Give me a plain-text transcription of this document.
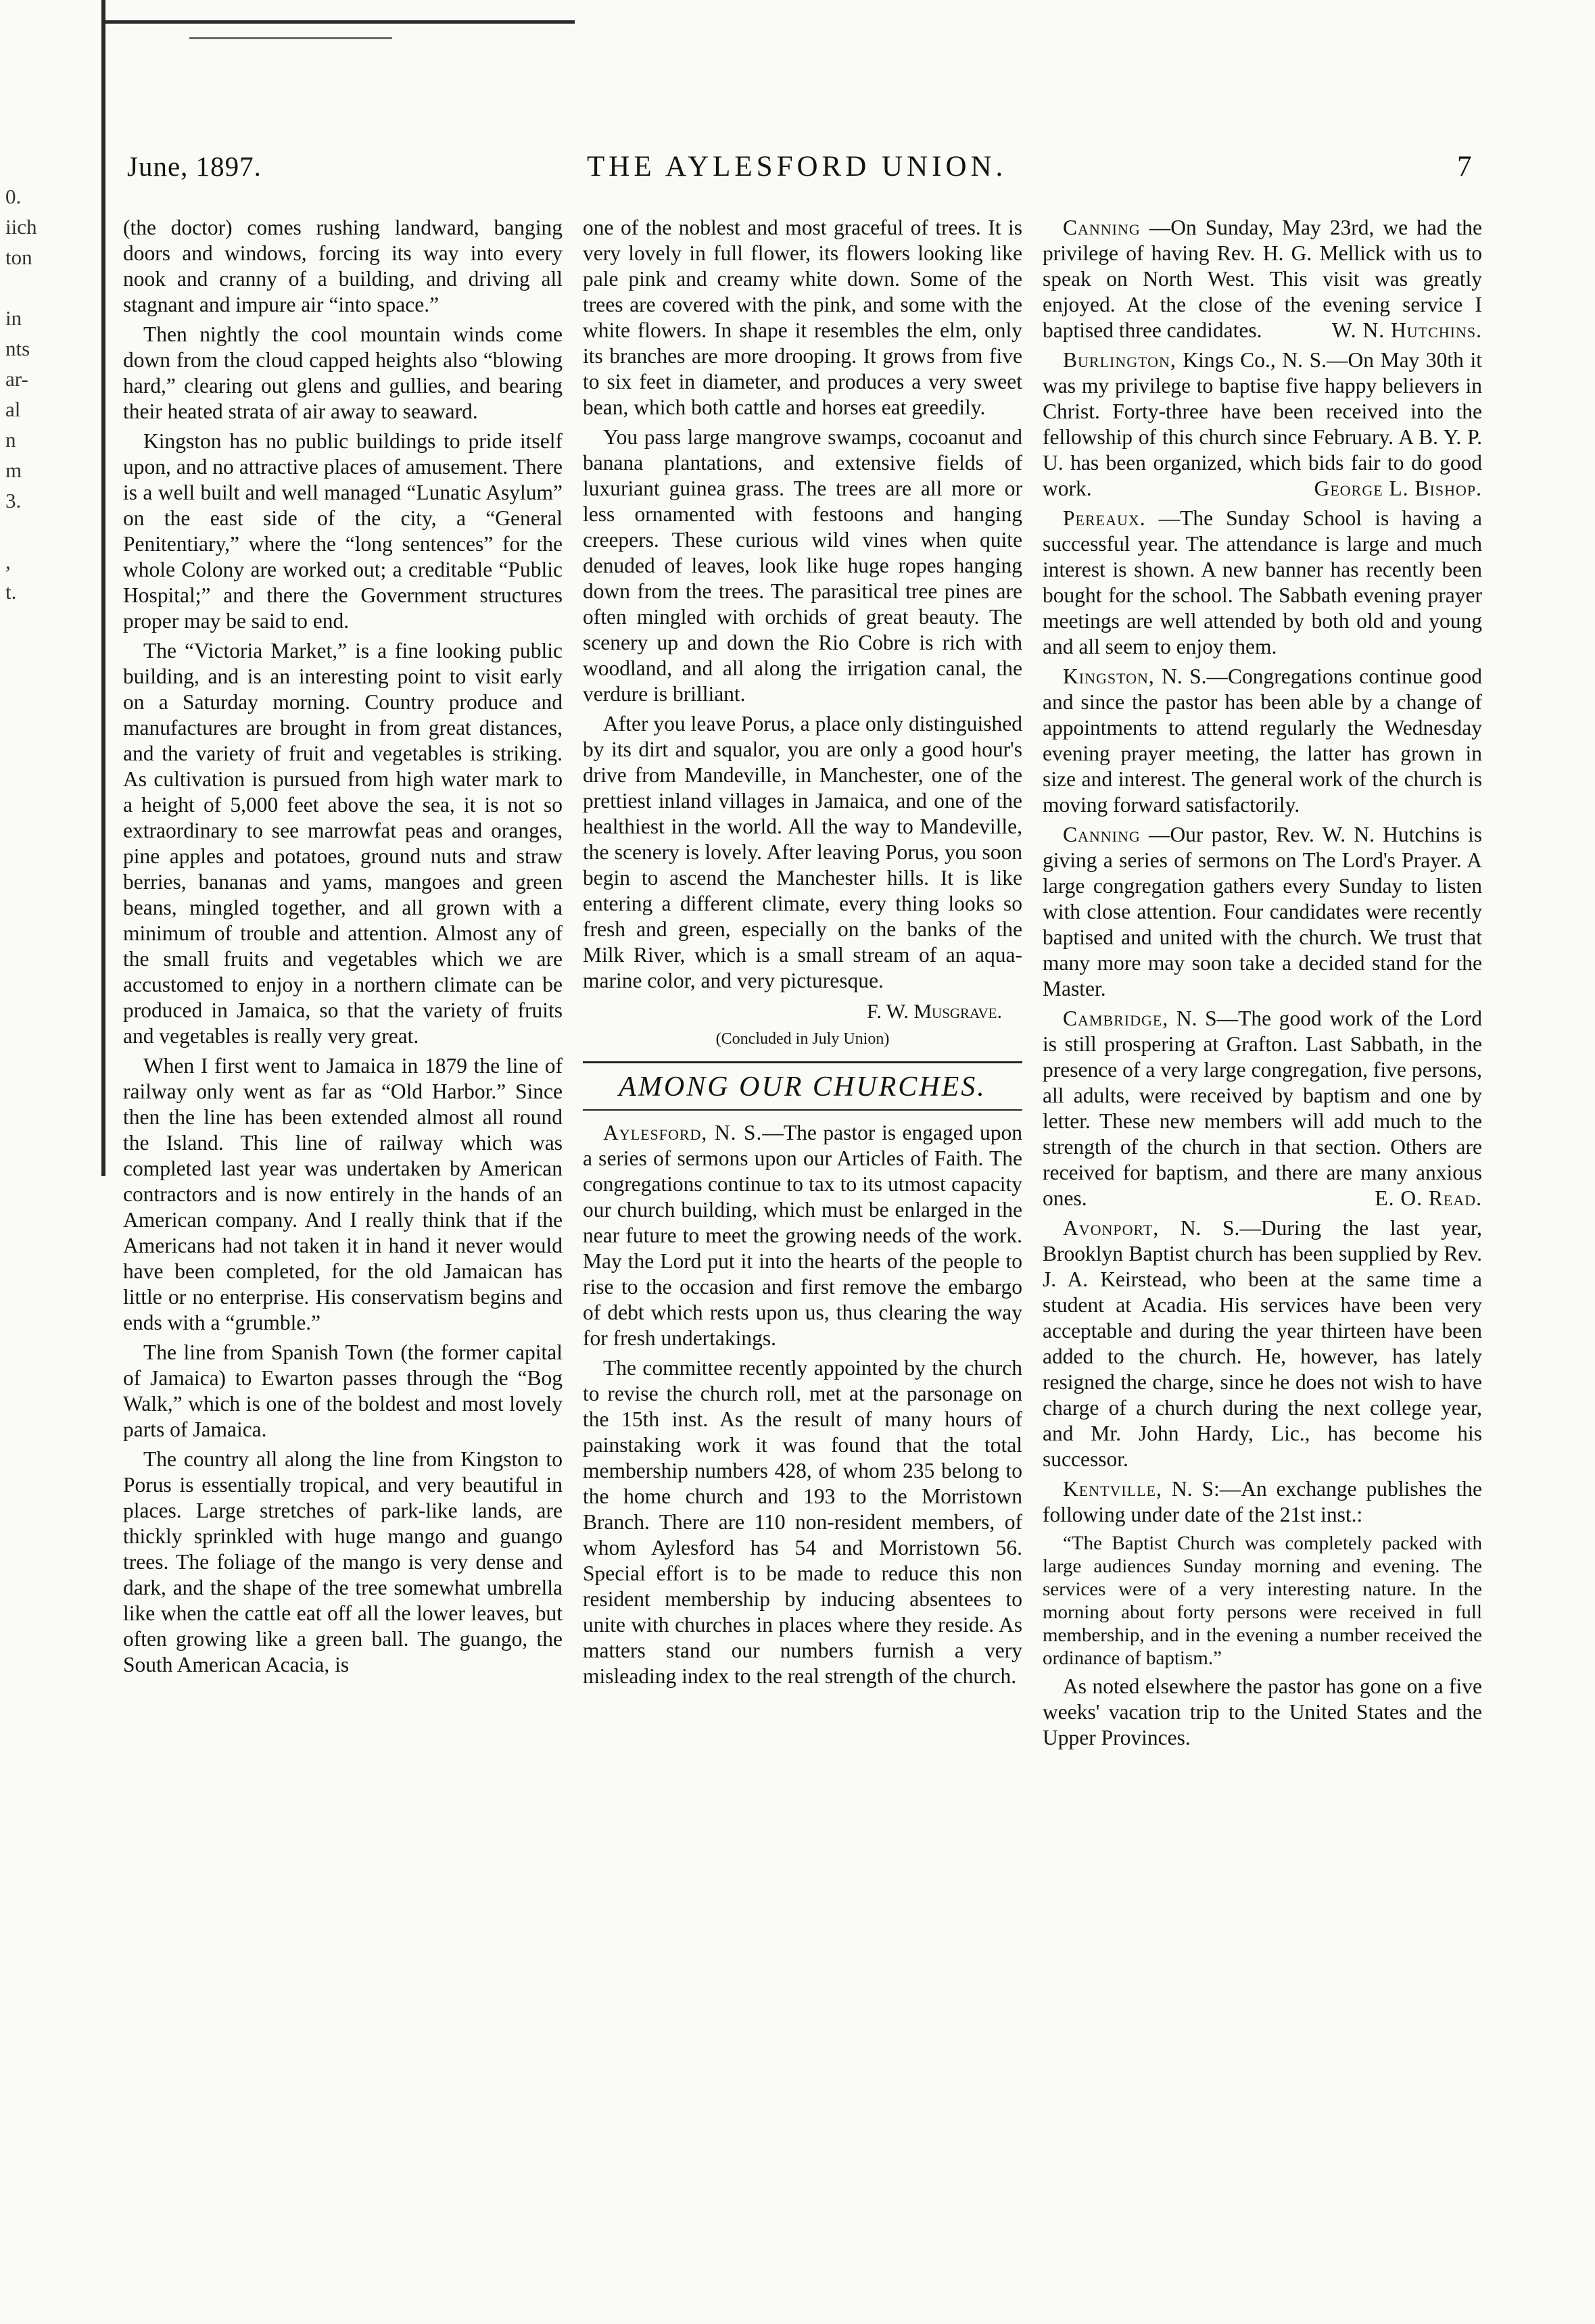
0.
iich
ton

in
nts
ar-
al
n
m
3.

,
t.

June, 1897.	THE AYLESFORD UNION.	7

(the doctor) comes rushing landward, banging doors and windows, forcing its way into every nook and cranny of a building, and driving all stagnant and impure air “into space.”

Then nightly the cool mountain winds come down from the cloud capped heights also “blowing hard,” clearing out glens and gullies, and bearing their heated strata of air away to seaward.

Kingston has no public buildings to pride itself upon, and no attractive places of amusement. There is a well built and well managed “Lunatic Asylum” on the east side of the city, a “General Penitentiary,” where the “long sentences” for the whole Colony are worked out; a creditable “Public Hospital;” and there the Government structures proper may be said to end.

The “Victoria Market,” is a fine looking public building, and is an interesting point to visit early on a Saturday morning. Country produce and manufactures are brought in from great distances, and the variety of fruit and vegetables is striking. As cultivation is pursued from high water mark to a height of 5,000 feet above the sea, it is not so extraordinary to see marrowfat peas and oranges, pine apples and potatoes, ground nuts and straw berries, bananas and yams, mangoes and green beans, mingled together, and all grown with a minimum of trouble and attention. Almost any of the small fruits and vegetables which we are accustomed to enjoy in a northern climate can be produced in Jamaica, so that the variety of fruits and vegetables is really very great.

When I first went to Jamaica in 1879 the line of railway only went as far as “Old Harbor.” Since then the line has been extended almost all round the Island. This line of railway which was completed last year was undertaken by American contractors and is now entirely in the hands of an American company. And I really think that if the Americans had not taken it in hand it never would have been completed, for the old Jamaican has little or no enterprise. His conservatism begins and ends with a “grumble.”

The line from Spanish Town (the former capital of Jamaica) to Ewarton passes through the “Bog Walk,” which is one of the boldest and most lovely parts of Jamaica.

The country all along the line from Kingston to Porus is essentially tropical, and very beautiful in places. Large stretches of park-like lands, are thickly sprinkled with huge mango and guango trees. The foliage of the mango is very dense and dark, and the shape of the tree somewhat umbrella like when the cattle eat off all the lower leaves, but often growing like a green ball. The guango, the South American Acacia, is

one of the noblest and most graceful of trees. It is very lovely in full flower, its flowers looking like pale pink and creamy white down. Some of the trees are covered with the pink, and some with the white flowers. In shape it resembles the elm, only its branches are more drooping. It grows from five to six feet in diameter, and produces a very sweet bean, which both cattle and horses eat greedily.

You pass large mangrove swamps, cocoanut and banana plantations, and extensive fields of luxuriant guinea grass. The trees are all more or less ornamented with festoons and hanging creepers. These curious wild vines when quite denuded of leaves, look like huge ropes hanging down from the trees. The parasitical tree pines are often mingled with orchids of great beauty. The scenery up and down the Rio Cobre is rich with woodland, and all along the irrigation canal, the verdure is brilliant.

After you leave Porus, a place only distinguished by its dirt and squalor, you are only a good hour's drive from Mandeville, in Manchester, one of the prettiest inland villages in Jamaica, and one of the healthiest in the world. All the way to Mandeville, the scenery is lovely. After leaving Porus, you soon begin to ascend the Manchester hills. It is like entering a different climate, every thing looks so fresh and green, especially on the banks of the Milk River, which is a small stream of an aqua-marine color, and very picturesque.

F. W. Musgrave.
(Concluded in July Union)
AMONG OUR CHURCHES.

Aylesford, N. S.—The pastor is engaged upon a series of sermons upon our Articles of Faith. The congregations continue to tax to its utmost capacity our church building, which must be enlarged in the near future to meet the growing needs of the work. May the Lord put it into the hearts of the people to rise to the occasion and first remove the embargo of debt which rests upon us, thus clearing the way for fresh undertakings.

The committee recently appointed by the church to revise the church roll, met at the parsonage on the 15th inst. As the result of many hours of painstaking work it was found that the total membership numbers 428, of whom 235 belong to the home church and 193 to the Morristown Branch. There are 110 non-resident members, of whom Aylesford has 54 and Morristown 56. Special effort is to be made to reduce this non resident membership by inducing absentees to unite with churches in places where they reside. As matters stand our numbers furnish a very misleading index to the real strength of the church.

Canning —On Sunday, May 23rd, we had the privilege of having Rev. H. G. Mellick with us to speak on North West. This visit was greatly enjoyed. At the close of the evening service I baptised three candidates.	W. N. Hutchins.

Burlington, Kings Co., N. S.—On May 30th it was my privilege to baptise five happy believers in Christ. Forty-three have been received into the fellowship of this church since February. A B. Y. P. U. has been organized, which bids fair to do good work.	George L. Bishop.

Pereaux. —The Sunday School is having a successful year. The attendance is large and much interest is shown. A new banner has recently been bought for the school. The Sabbath evening prayer meetings are well attended by both old and young and all seem to enjoy them.

Kingston, N. S.—Congregations continue good and since the pastor has been able by a change of appointments to attend regularly the Wednesday evening prayer meeting, the latter has grown in size and interest. The general work of the church is moving forward satisfactorily.

Canning —Our pastor, Rev. W. N. Hutchins is giving a series of sermons on The Lord's Prayer. A large congregation gathers every Sunday to listen with close attention. Four candidates were recently baptised and united with the church. We trust that many more may soon take a decided stand for the Master.

Cambridge, N. S—The good work of the Lord is still prospering at Grafton. Last Sabbath, in the presence of a very large congregation, five persons, all adults, were received by baptism and one by letter. These new members will add much to the strength of the church in that section. Others are received for baptism, and there are many anxious ones.	E. O. Read.

Avonport, N. S.—During the last year, Brooklyn Baptist church has been supplied by Rev. J. A. Keirstead, who been at the same time a student at Acadia. His services have been very acceptable and during the year thirteen have been added to the church. He, however, has lately resigned the charge, since he does not wish to have charge of a church during the next college year, and Mr. John Hardy, Lic., has become his successor.

Kentville, N. S:—An exchange publishes the following under date of the 21st inst.:

“The Baptist Church was completely packed with large audiences Sunday morning and evening. The services were of a very interesting nature. In the morning about forty persons were received in full membership, and in the evening a number received the ordinance of baptism.”

As noted elsewhere the pastor has gone on a five weeks' vacation trip to the United States and the Upper Provinces.
